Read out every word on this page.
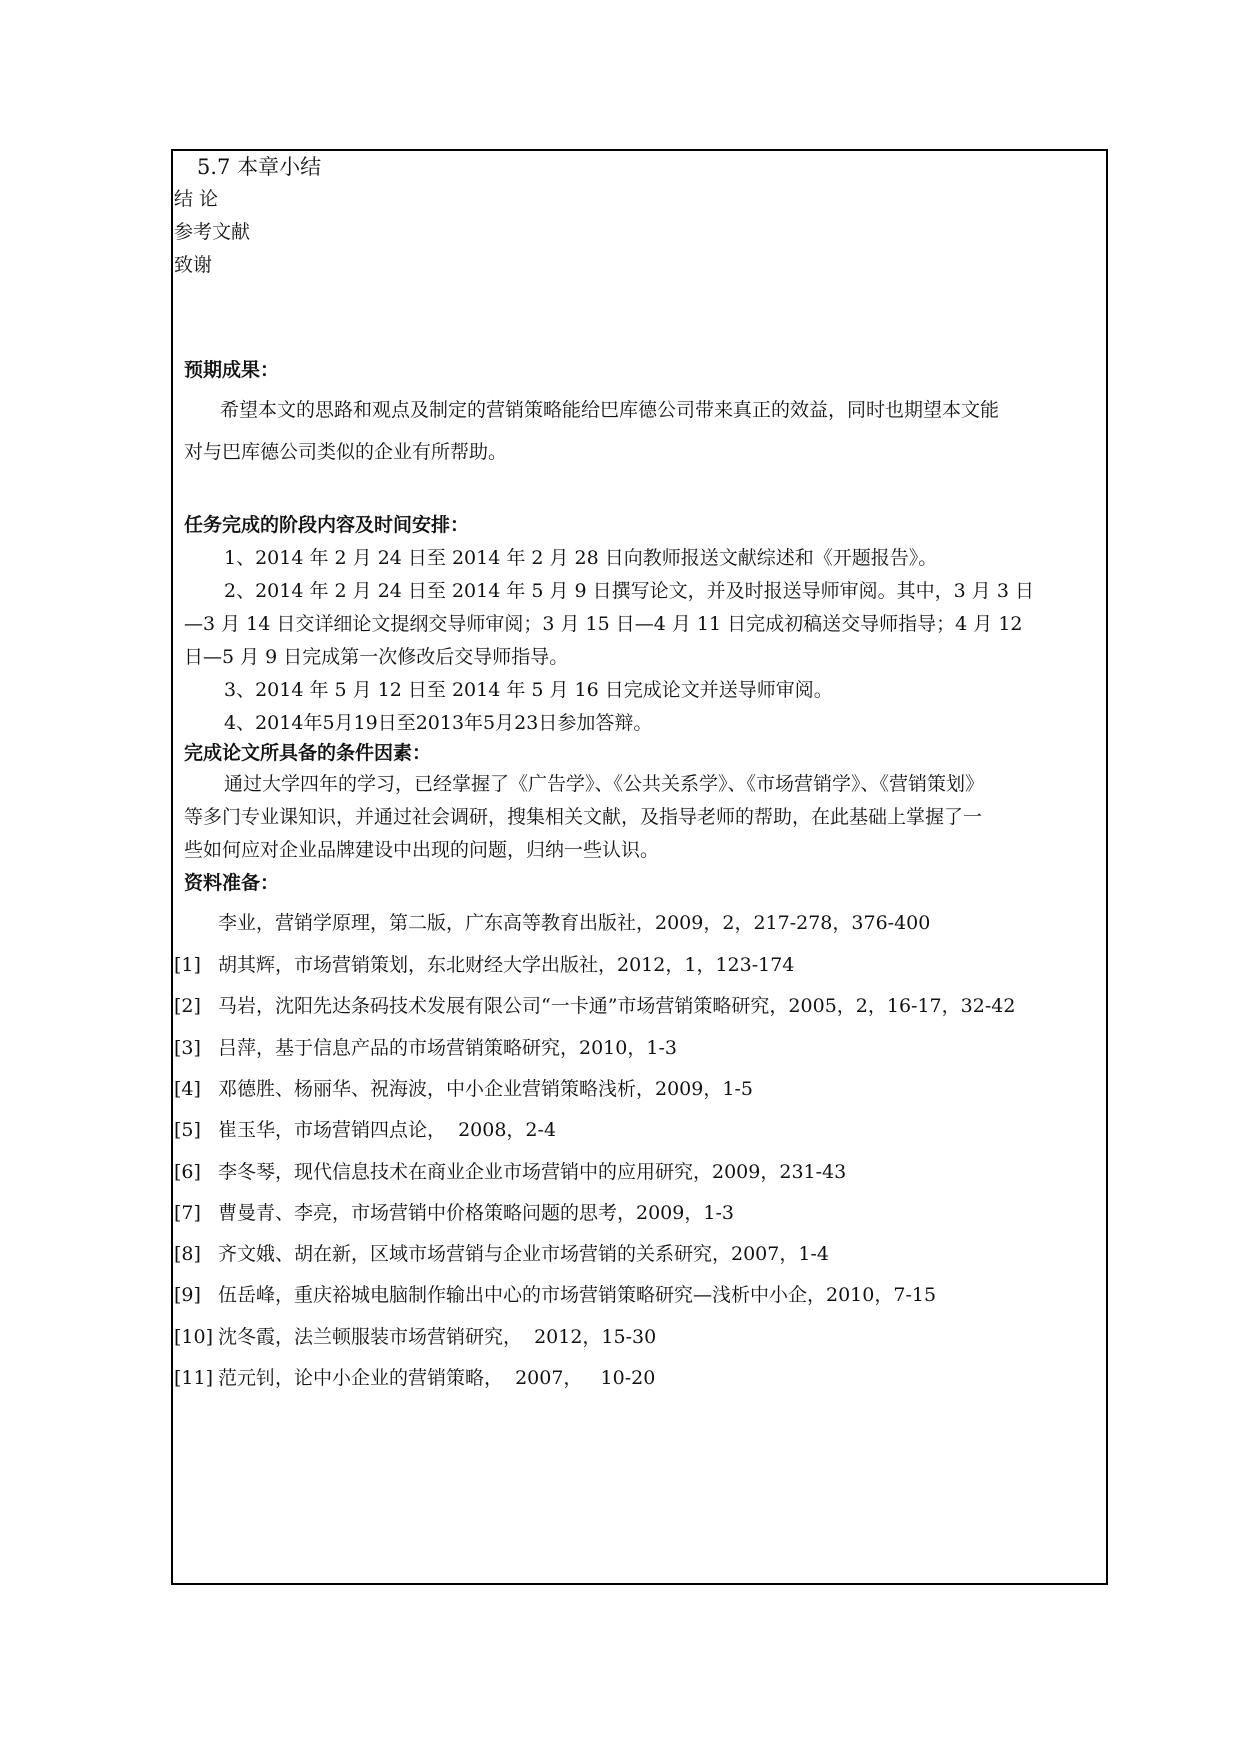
5.7 本章小结
结 论
参考文献
致谢
预期成果：
希望本文的思路和观点及制定的营销策略能给巴库德公司带来真正的效益，同时也期望本文能
对与巴库德公司类似的企业有所帮助。
任务完成的阶段内容及时间安排：
1、2014 年 2 月 24 日至 2014 年 2 月 28 日向教师报送文献综述和《开题报告》。
2、2014 年 2 月 24 日至 2014 年 5 月 9 日撰写论文，并及时报送导师审阅。其中，3 月 3 日
—3 月 14 日交详细论文提纲交导师审阅；3 月 15 日—4 月 11 日完成初稿送交导师指导；4 月 12
日—5 月 9 日完成第一次修改后交导师指导。
3、2014 年 5 月 12 日至 2014 年 5 月 16 日完成论文并送导师审阅。
4、2014年5月19日至2013年5月23日参加答辩。
完成论文所具备的条件因素：
通过大学四年的学习，已经掌握了《广告学》、《公共关系学》、《市场营销学》、《营销策划》
等多门专业课知识，并通过社会调研，搜集相关文献，及指导老师的帮助，在此基础上掌握了一
些如何应对企业品牌建设中出现的问题，归纳一些认识。
资料准备：
李业，营销学原理，第二版，广东高等教育出版社，2009，2，217-278，376-400
[1] 胡其辉，市场营销策划，东北财经大学出版社，2012，1，123-174
[2] 马岩，沈阳先达条码技术发展有限公司“一卡通”市场营销策略研究，2005，2，16-17，32-42
[3] 吕萍，基于信息产品的市场营销策略研究，2010，1-3
[4] 邓德胜、杨丽华、祝海波，中小企业营销策略浅析，2009，1-5
[5] 崔玉华，市场营销四点论，  2008，2-4
[6] 李冬琴，现代信息技术在商业企业市场营销中的应用研究，2009，231-43
[7] 曹曼青、李亮，市场营销中价格策略问题的思考，2009，1-3
[8] 齐文娥、胡在新，区域市场营销与企业市场营销的关系研究，2007，1-4
[9] 伍岳峰，重庆裕城电脑制作输出中心的市场营销策略研究—浅析中小企，2010，7-15
[10] 沈冬霞，法兰顿服装市场营销研究，  2012，15-30
[11] 范元钊，论中小企业的营销策略，  2007，   10-20
